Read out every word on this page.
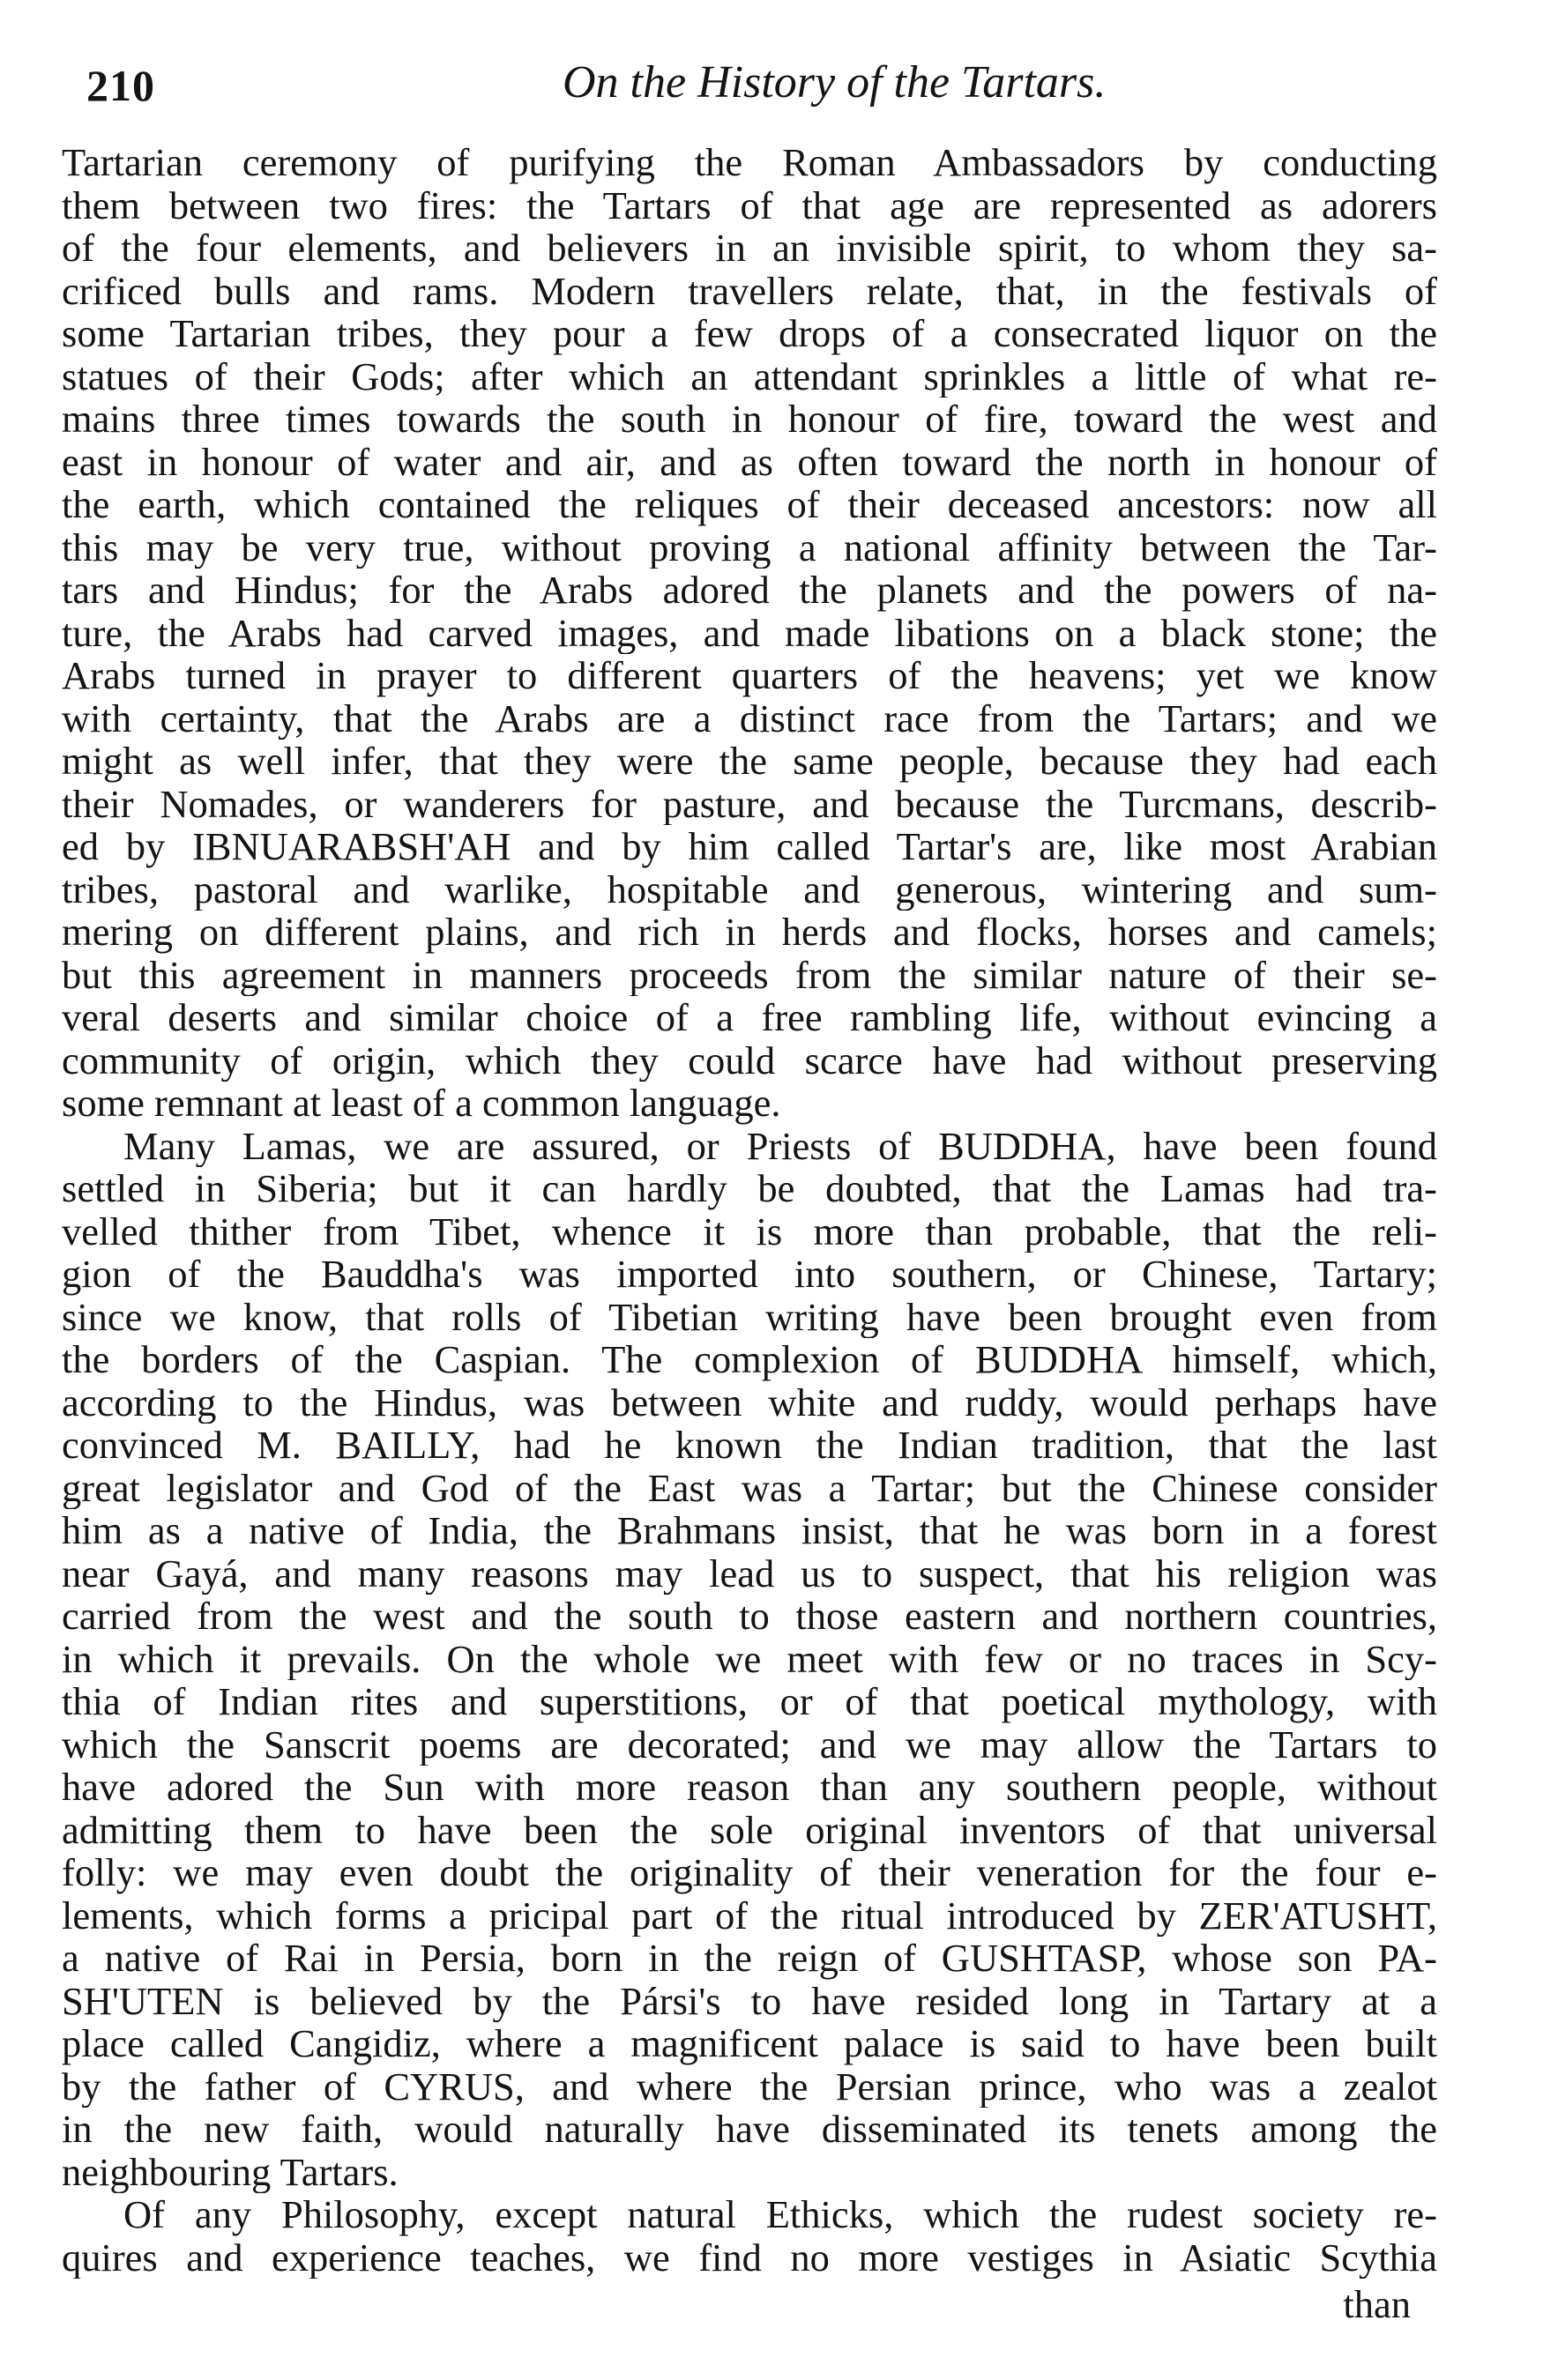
210	On the History of the Tartars.
Tartarian ceremony of purifying the Roman Ambassadors by conducting
them between two fires: the Tartars of that age are represented as adorers
of the four elements, and believers in an invisible spirit, to whom they sa-
crificed bulls and rams. Modern travellers relate, that, in the festivals of
some Tartarian tribes, they pour a few drops of a consecrated liquor on the
statues of their Gods; after which an attendant sprinkles a little of what re-
mains three times towards the south in honour of fire, toward the west and
east in honour of water and air, and as often toward the north in honour of
the earth, which contained the reliques of their deceased ancestors: now all
this may be very true, without proving a national affinity between the Tar-
tars and Hindus; for the Arabs adored the planets and the powers of na-
ture, the Arabs had carved images, and made libations on a black stone; the
Arabs turned in prayer to different quarters of the heavens; yet we know
with certainty, that the Arabs are a distinct race from the Tartars; and we
might as well infer, that they were the same people, because they had each
their Nomades, or wanderers for pasture, and because the Turcmans, describ-
ed by IBNUARABSH'AH and by him called Tartar's are, like most Arabian
tribes, pastoral and warlike, hospitable and generous, wintering and sum-
mering on different plains, and rich in herds and flocks, horses and camels;
but this agreement in manners proceeds from the similar nature of their se-
veral deserts and similar choice of a free rambling life, without evincing a
community of origin, which they could scarce have had without preserving
some remnant at least of a common language.
Many Lamas, we are assured, or Priests of BUDDHA, have been found
settled in Siberia; but it can hardly be doubted, that the Lamas had tra-
velled thither from Tibet, whence it is more than probable, that the reli-
gion of the Bauddha's was imported into southern, or Chinese, Tartary;
since we know, that rolls of Tibetian writing have been brought even from
the borders of the Caspian. The complexion of BUDDHA himself, which,
according to the Hindus, was between white and ruddy, would perhaps have
convinced M. BAILLY, had he known the Indian tradition, that the last
great legislator and God of the East was a Tartar; but the Chinese consider
him as a native of India, the Brahmans insist, that he was born in a forest
near Gayá, and many reasons may lead us to suspect, that his religion was
carried from the west and the south to those eastern and northern countries,
in which it prevails. On the whole we meet with few or no traces in Scy-
thia of Indian rites and superstitions, or of that poetical mythology, with
which the Sanscrit poems are decorated; and we may allow the Tartars to
have adored the Sun with more reason than any southern people, without
admitting them to have been the sole original inventors of that universal
folly: we may even doubt the originality of their veneration for the four e-
lements, which forms a pricipal part of the ritual introduced by ZER'ATUSHT,
a native of Rai in Persia, born in the reign of GUSHTASP, whose son PA-
SH'UTEN is believed by the Pársi's to have resided long in Tartary at a
place called Cangidiz, where a magnificent palace is said to have been built
by the father of CYRUS, and where the Persian prince, who was a zealot
in the new faith, would naturally have disseminated its tenets among the
neighbouring Tartars.
Of any Philosophy, except natural Ethicks, which the rudest society re-
quires and experience teaches, we find no more vestiges in Asiatic Scythia
than
